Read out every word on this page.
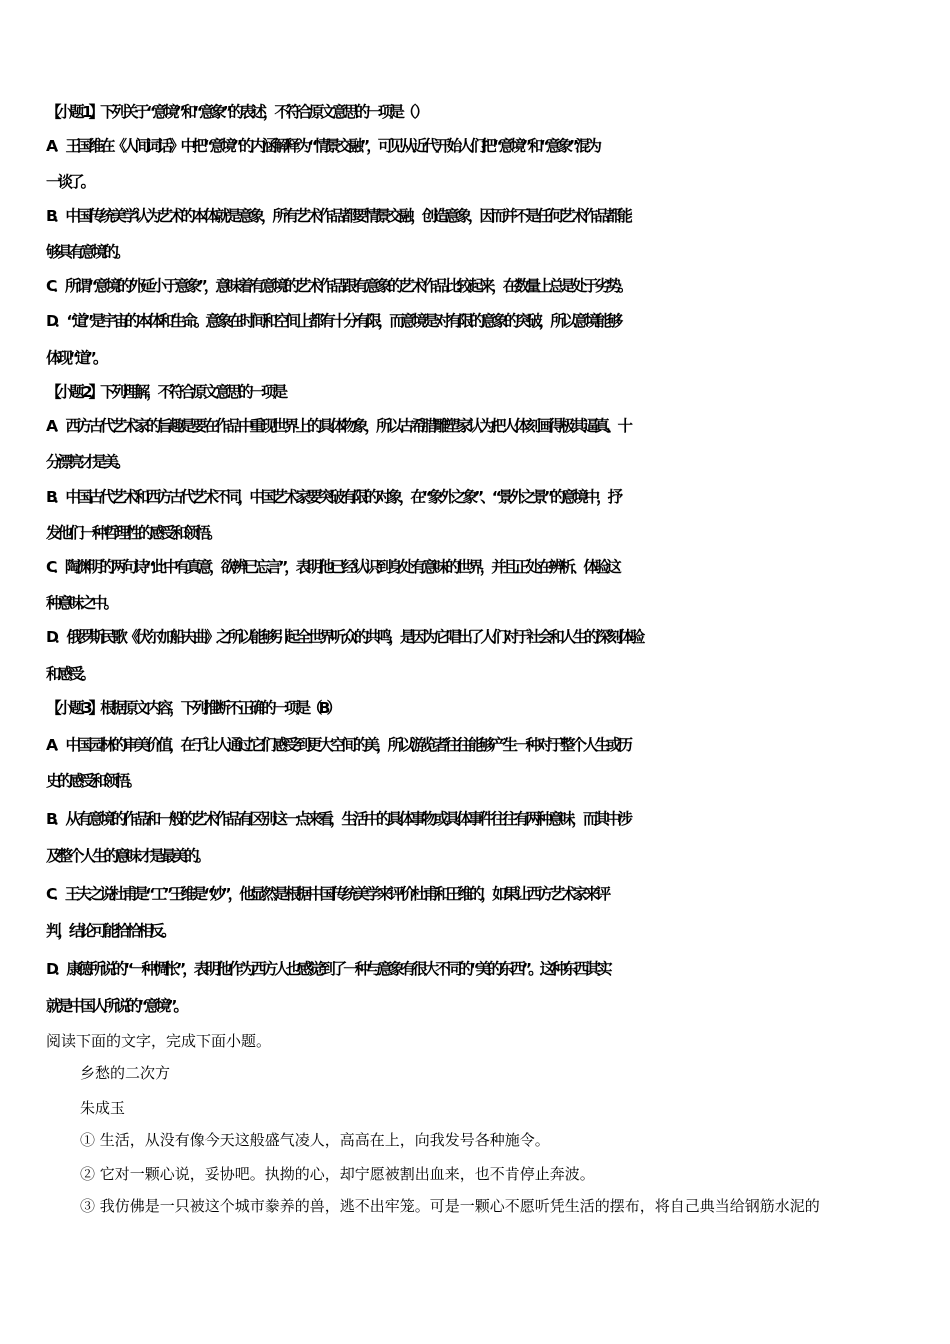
【小题 1】下列关于“意境”和“意象”的表述，不符合原文意思的一项是（ ）
A．王国维在《人间词话》中把“意境”的内涵解释为“情景交融”，可见从近代开始人们把“意境”和“意象”混为
一谈了。
B．中国传统美学认为艺术的本体就是意象，所有艺术作品都要情景交融，创造意象，因而并不是任何艺术作品都能
够具有意境的。
C．所谓“意境的外延小于意象”，意味着有意境的艺术作品跟有意象的艺术作品比较起来，在数量上总是处于劣势。
D．“道”是宇宙的本体和生命。意象在时间和空间上都有十分有限，而意境是对有限的意象的突破，所以意境能够
体现“道”。
【小题 2】下列理解，不符合原文意思的一项是
A．西方古代艺术家的旨趣是要在作品中重现世界上的具体物象，所以古希腊雕塑家认为把人体刻画得极其逼真、十
分漂亮才是美。
B．中国古代艺术和西方古代艺术不同，中国艺术家要突破有限的对象，在“象外之象”、“景外之景”的意境中，抒
发他们一种哲理性的感受和领悟。
C．陶渊明的两句诗“此中有真意，欲辨已忘言”，表明他已经认识到身处有意味的世界，并且正处在辨析、体验这
种意味之中。
D．俄罗斯民歌《伏尔加船夫曲》之所以能够引起全世界听众的共鸣，是因为它唱出了人们对于社会和人生的深刻体验
和感受。
【小题 3】根据原文内容，下列推断不正确的一项是（B）
A．中国园林的审美价值，在于让人通过它们感受到更大空间的美，所以游览者往往能够产生一种对于整个人生或历
史的感受和领悟。
B．从有意境的作品和一般的艺术作品有区别这一点来看，生活中的具体事物或具体事件往往有两种意味，而其中涉
及整个人生的意味才是最美的。
C．王夫之说杜甫是“工”王维是“妙”，他显然是根据中国传统美学来评价杜甫和王维的，如果让西方艺术家来评
判，结论可能恰恰相反。
D．康德所说的“一种惆怅”，表明他作为西方人也感觉到了一种与意象有很大不同的“美的东西”。这种东西其实
就是中国人所说的“意境”。
阅读下面的文字，完成下面小题。
乡愁的二次方
朱成玉
① 生活，从没有像今天这般盛气凌人，高高在上，向我发号各种施令。
② 它对一颗心说，妥协吧。执拗的心，却宁愿被割出血来，也不肯停止奔波。
③ 我仿佛是一只被这个城市豢养的兽，逃不出牢笼。可是一颗心不愿听凭生活的摆布，将自己典当给钢筋水泥的
